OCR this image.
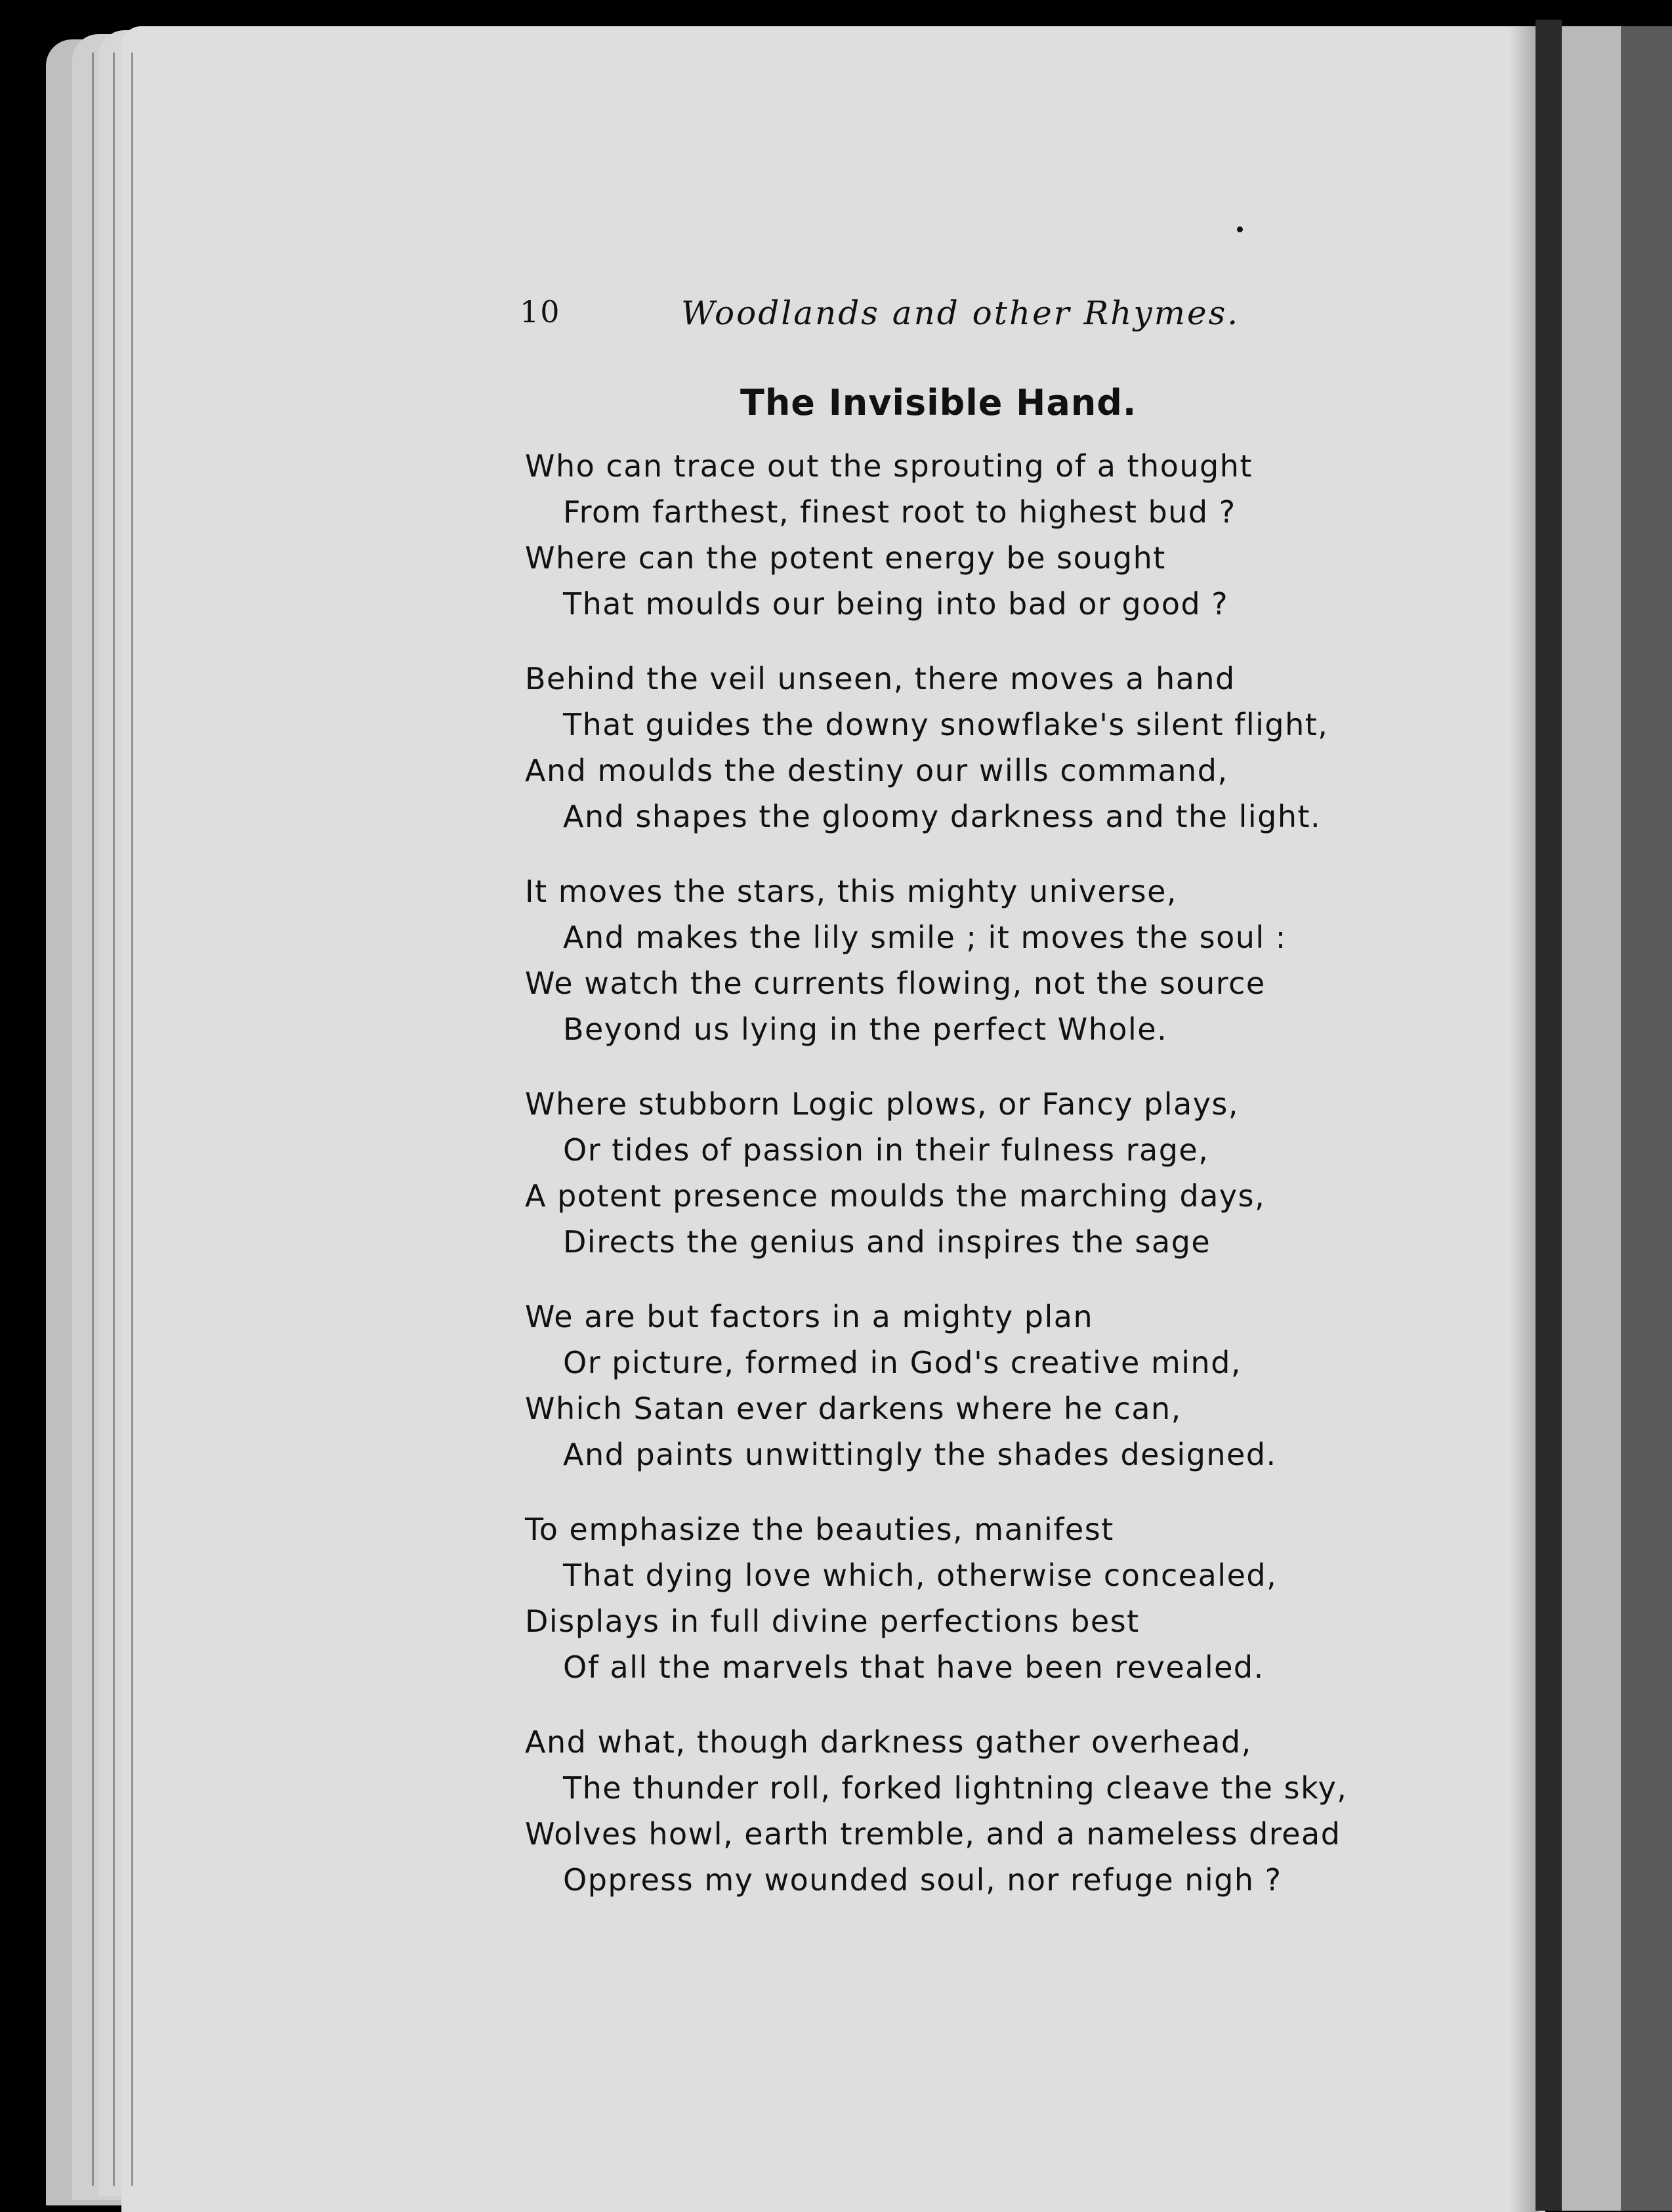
10	Woodlands and other Rhymes.
The Invisible Hand.
Who can trace out the sprouting of a thought
From farthest, finest root to highest bud ?
Where can the potent energy be sought
That moulds our being into bad or good ?
Behind the veil unseen, there moves a hand
That guides the downy snowflake's silent flight,
And moulds the destiny our wills command,
And shapes the gloomy darkness and the light.
It moves the stars, this mighty universe,
And makes the lily smile ; it moves the soul :
We watch the currents flowing, not the source
Beyond us lying in the perfect Whole.
Where stubborn Logic plows, or Fancy plays,
Or tides of passion in their fulness rage,
A potent presence moulds the marching days,
Directs the genius and inspires the sage
We are but factors in a mighty plan
Or picture, formed in God's creative mind,
Which Satan ever darkens where he can,
And paints unwittingly the shades designed.
To emphasize the beauties, manifest
That dying love which, otherwise concealed,
Displays in full divine perfections best
Of all the marvels that have been revealed.
And what, though darkness gather overhead,
The thunder roll, forked lightning cleave the sky,
Wolves howl, earth tremble, and a nameless dread
Oppress my wounded soul, nor refuge nigh ?
